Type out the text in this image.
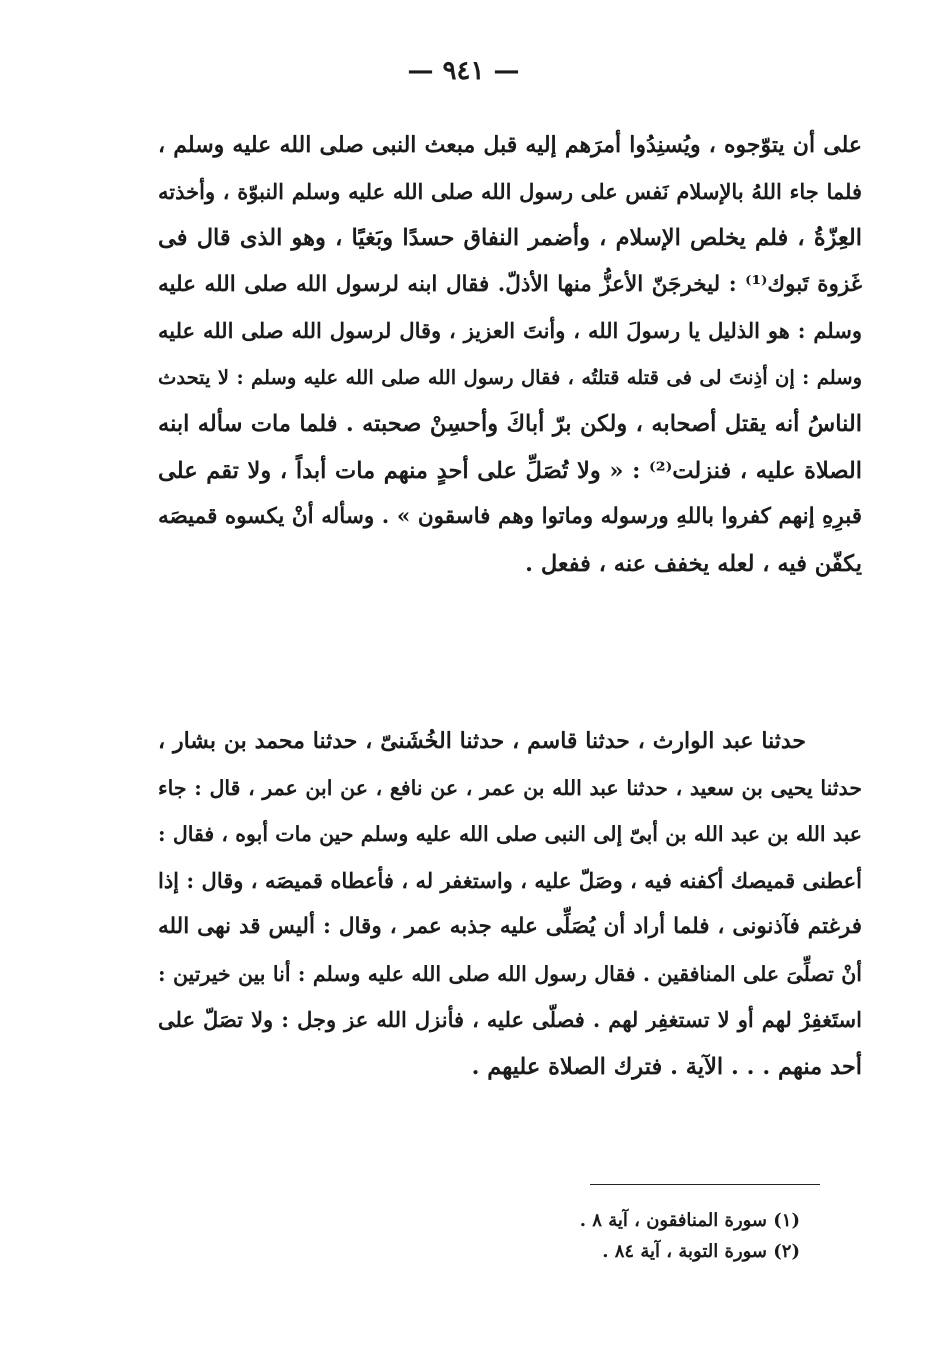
— ٩٤١ —
على أن يتوّجوه ، ويُسنِدُوا أمرَهم إليه قبل مبعث النبى صلى الله عليه وسلم ،
فلما جاء اللهُ بالإسلام نَفس على رسول الله صلى الله عليه وسلم النبوّة ، وأخذته
العِزّةُ ، فلم يخلص الإسلام ، وأضمر النفاق حسدًا وبَغيًا ، وهو الذى قال فى
غَزوة تَبوك⁽¹⁾ : ليخرجَنّ الأعزُّ منها الأذلّ. فقال ابنه لرسول الله صلى الله عليه
وسلم : هو الذليل يا رسولَ الله ، وأنتَ العزيز ، وقال لرسول الله صلى الله عليه
وسلم : إن أذِنتَ لى فى قتله قتلتُه ، فقال رسول الله صلى الله عليه وسلم : لا يتحدث
الناسُ أنه يقتل أصحابه ، ولكن برّ أباكَ وأحسِنْ صحبته . فلما مات سأله ابنه
الصلاة عليه ، فنزلت⁽²⁾ : « ولا تُصَلِّ على أحدٍ منهم مات أبداً ، ولا تقم على
قبرِهِ إنهم كفروا باللهِ ورسوله وماتوا وهم فاسقون » . وسأله أنْ يكسوه قميصَه
يكفّن فيه ، لعله يخفف عنه ، ففعل .
حدثنا عبد الوارث ، حدثنا قاسم ، حدثنا الخُشَنىّ ، حدثنا محمد بن بشار ،
حدثنا يحيى بن سعيد ، حدثنا عبد الله بن عمر ، عن نافع ، عن ابن عمر ، قال : جاء
عبد الله بن عبد الله بن أبىّ إلى النبى صلى الله عليه وسلم حين مات أبوه ، فقال :
أعطنى قميصك أكفنه فيه ، وصَلّ عليه ، واستغفر له ، فأعطاه قميصَه ، وقال : إذا
فرغتم فآذنونى ، فلما أراد أن يُصَلِّى عليه جذبه عمر ، وقال : أليس قد نهى الله
أنْ تصلِّىَ على المنافقين . فقال رسول الله صلى الله عليه وسلم : أنا بين خيرتين :
استَغفِرْ لهم أو لا تستغفِر لهم . فصلّى عليه ، فأنزل الله عز وجل : ولا تصَلّ على
أحد منهم . . . الآية . فترك الصلاة عليهم .
(١) سورة المنافقون ، آية ٨ .
(٢) سورة التوبة ، آية ٨٤ .
